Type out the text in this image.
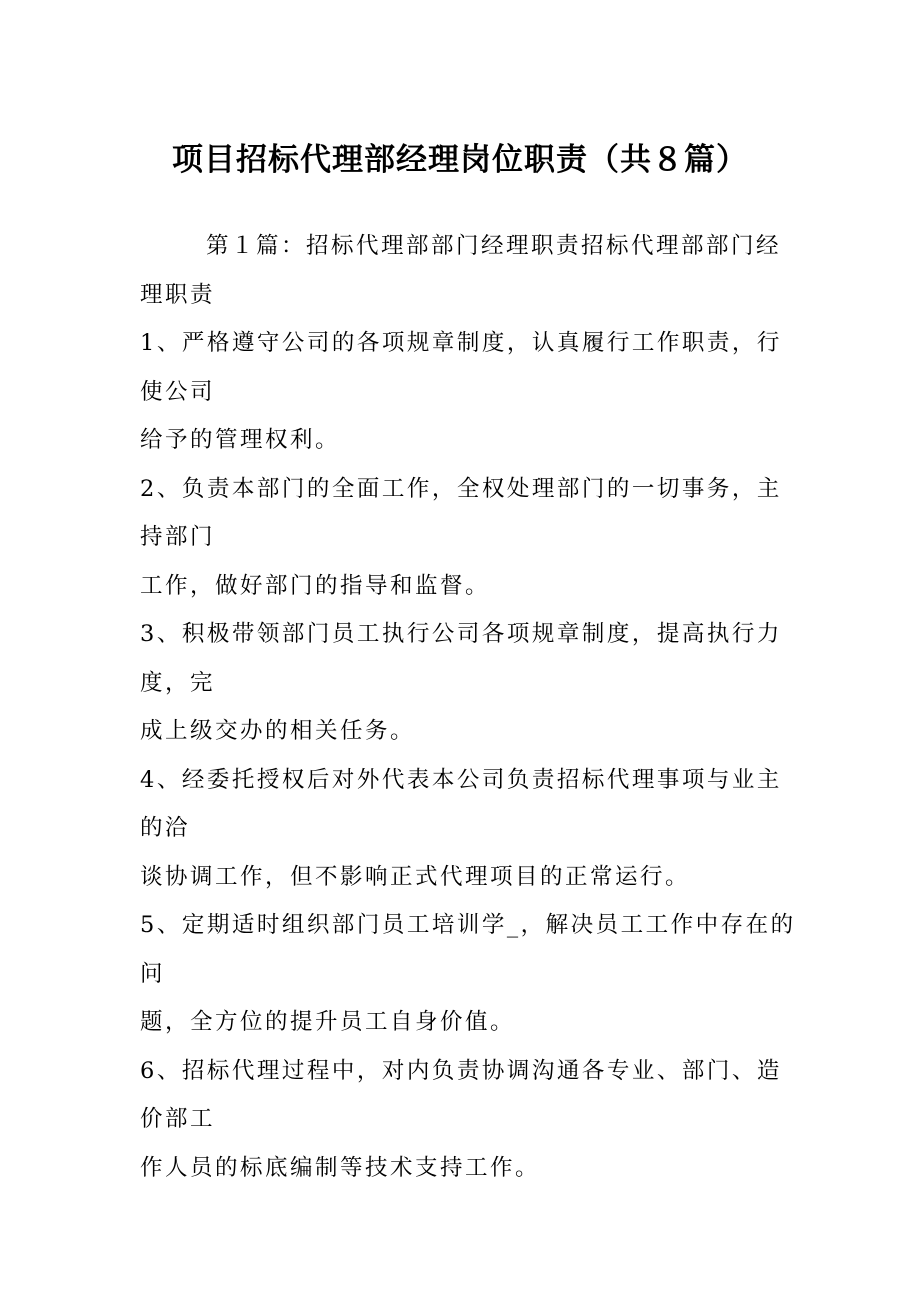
项目招标代理部经理岗位职责（共８篇）
第１篇：招标代理部部门经理职责招标代理部部门经
理职责
1、严格遵守公司的各项规章制度，认真履行工作职责，行
使公司
给予的管理权利。
2、负责本部门的全面工作，全权处理部门的一切事务，主
持部门
工作，做好部门的指导和监督。
3、积极带领部门员工执行公司各项规章制度，提高执行力
度，完
成上级交办的相关任务。
4、经委托授权后对外代表本公司负责招标代理事项与业主
的洽
谈协调工作，但不影响正式代理项目的正常运行。
5、定期适时组织部门员工培训学_，解决员工工作中存在的
问
题，全方位的提升员工自身价值。
6、招标代理过程中，对内负责协调沟通各专业、部门、造
价部工
作人员的标底编制等技术支持工作。
